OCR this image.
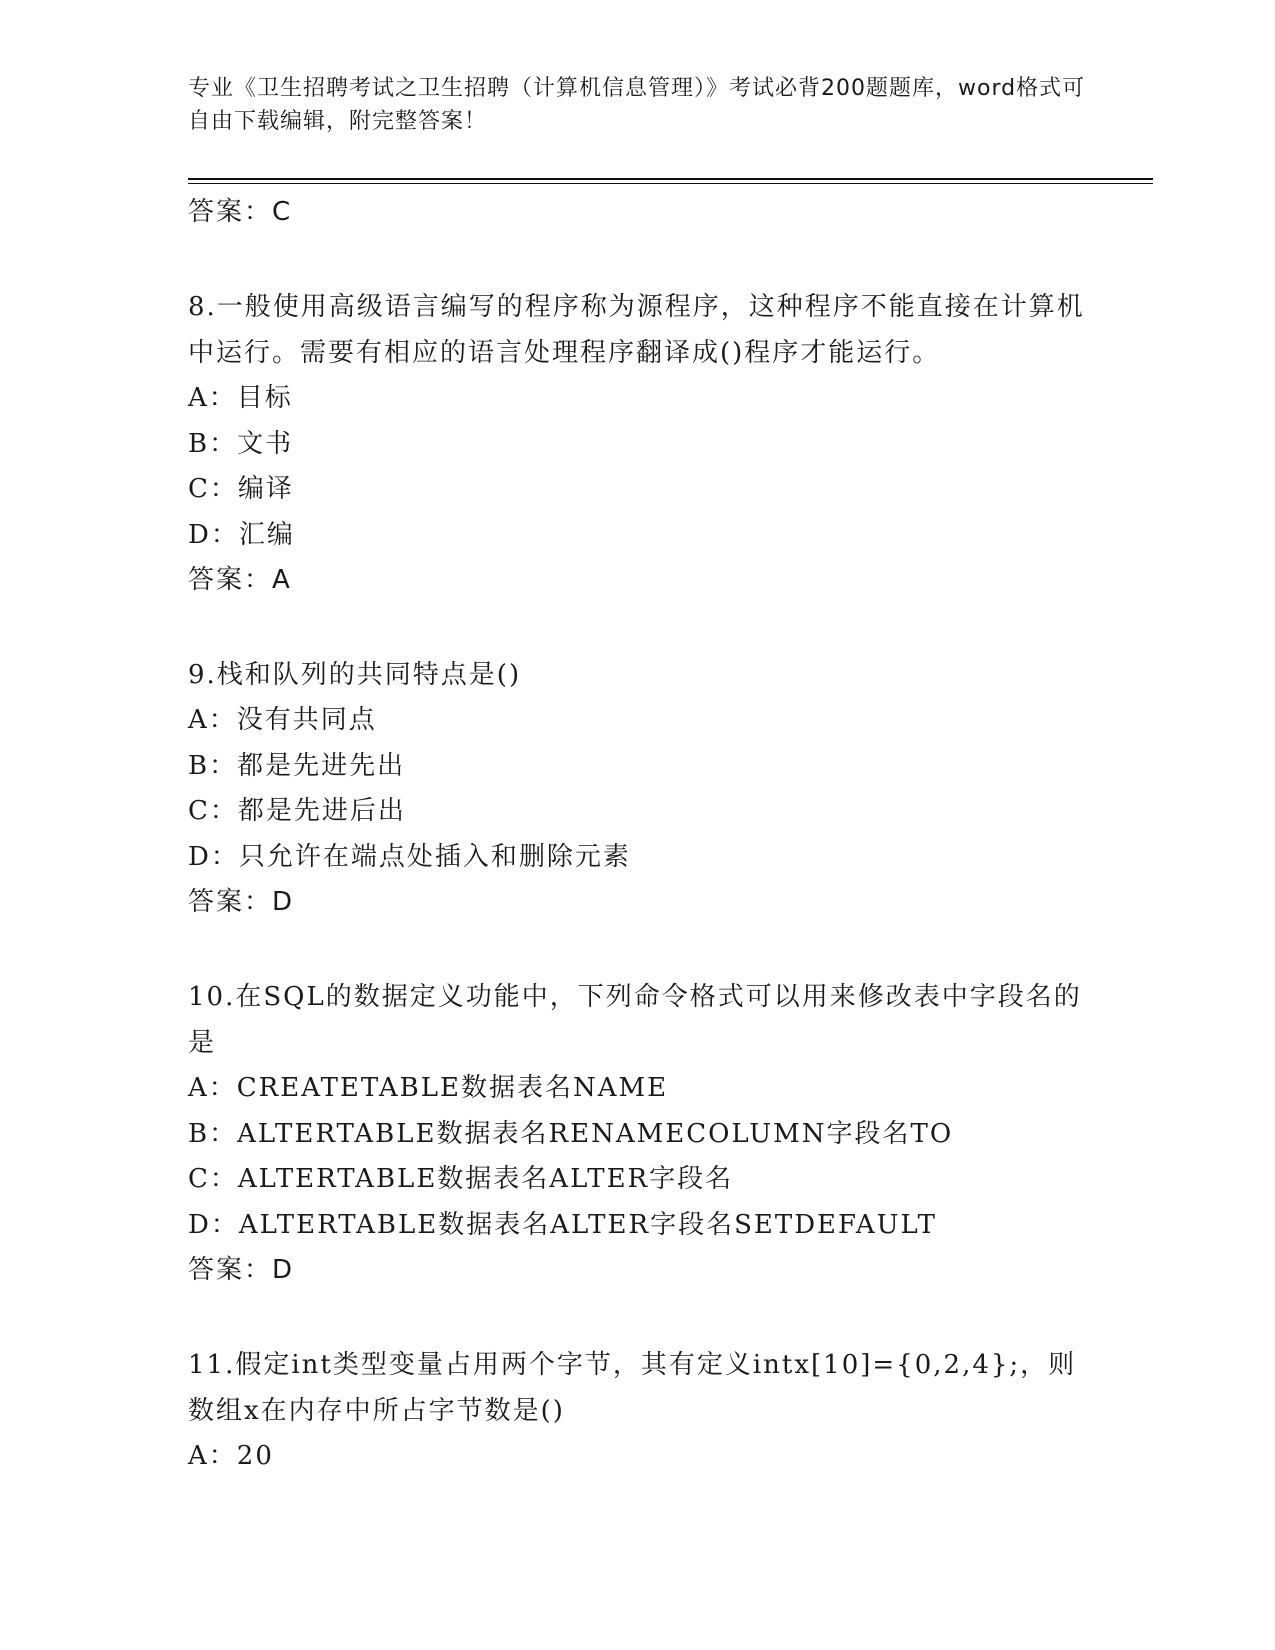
专业《卫生招聘考试之卫生招聘（计算机信息管理）》考试必背200题题库，word格式可自由下载编辑，附完整答案！
答案：C
8.一般使用高级语言编写的程序称为源程序，这种程序不能直接在计算机中运行。需要有相应的语言处理程序翻译成()程序才能运行。
A：目标
B：文书
C：编译
D：汇编
答案：A
9.栈和队列的共同特点是()
A：没有共同点
B：都是先进先出
C：都是先进后出
D：只允许在端点处插入和删除元素
答案：D
10.在SQL的数据定义功能中，下列命令格式可以用来修改表中字段名的是
A：CREATETABLE数据表名NAME
B：ALTERTABLE数据表名RENAMECOLUMN字段名TO
C：ALTERTABLE数据表名ALTER字段名
D：ALTERTABLE数据表名ALTER字段名SETDEFAULT
答案：D
11.假定int类型变量占用两个字节，其有定义intx[10]={0,2,4};，则数组x在内存中所占字节数是()
A：20
